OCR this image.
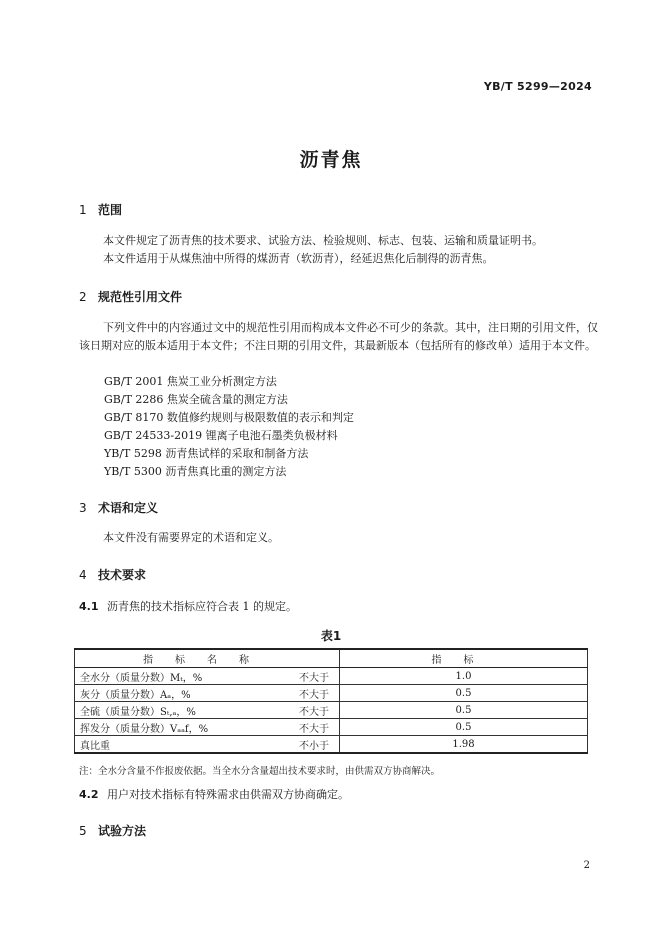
YB/T 5299—2024
沥青焦
1 范围
本文件规定了沥青焦的技术要求、试验方法、检验规则、标志、包装、运输和质量证明书。
本文件适用于从煤焦油中所得的煤沥青（软沥青），经延迟焦化后制得的沥青焦。
2 规范性引用文件
下列文件中的内容通过文中的规范性引用而构成本文件必不可少的条款。其中，注日期的引用文件，仅该日期对应的版本适用于本文件；不注日期的引用文件，其最新版本（包括所有的修改单）适用于本文件。
GB/T 2001 焦炭工业分析测定方法
GB/T 2286 焦炭全硫含量的测定方法
GB/T 8170 数值修约规则与极限数值的表示和判定
GB/T 24533-2019 锂离子电池石墨类负极材料
YB/T 5298 沥青焦试样的采取和制备方法
YB/T 5300 沥青焦真比重的测定方法
3 术语和定义
本文件没有需要界定的术语和定义。
4 技术要求
4.1 沥青焦的技术指标应符合表 1 的规定。
表1
指标名称	指标
全水分（质量分数）Mₜ，% 不大于	1.0
灰分（质量分数）Aₐ，% 不大于	0.5
全硫（质量分数）Sₜ,ₐ，% 不大于	0.5
挥发分（质量分数）Vₐₐf，% 不大于	0.5
真比重 不小于	1.98
注：全水分含量不作报废依据。当全水分含量超出技术要求时，由供需双方协商解决。
4.2 用户对技术指标有特殊需求由供需双方协商确定。
5 试验方法
2
